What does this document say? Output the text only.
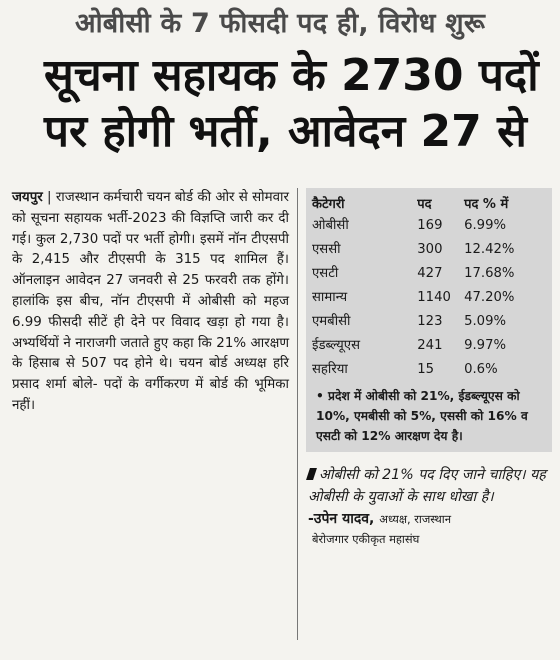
ओबीसी के 7 फीसदी पद ही, विरोध शुरू
सूचना सहायक के 2730 पदों
पर होगी भर्ती, आवेदन 27 से

जयपुर | राजस्थान कर्मचारी चयन बोर्ड की ओर से सोमवार को सूचना सहायक भर्ती-2023 की विज्ञप्ति जारी कर दी गई। कुल 2,730 पदों पर भर्ती होगी। इसमें नॉन टीएसपी के 2,415 और टीएसपी के 315 पद शामिल हैं। ऑनलाइन आवेदन 27 जनवरी से 25 फरवरी तक होंगे। हालांकि इस बीच, नॉन टीएसपी में ओबीसी को महज 6.99 फीसदी सीटें ही देने पर विवाद खड़ा हो गया है। अभ्यर्थियों ने नाराजगी जताते हुए कहा कि 21% आरक्षण के हिसाब से 507 पद होने थे। चयन बोर्ड अध्यक्ष हरि प्रसाद शर्मा बोले- पदों के वर्गीकरण में बोर्ड की भूमिका नहीं।

कैटेगरी	पद	पद % में
ओबीसी	169	6.99%
एससी	300	12.42%
एसटी	427	17.68%
सामान्य	1140	47.20%
एमबीसी	123	5.09%
ईडब्ल्यूएस	241	9.97%
सहरिया	15	0.6%
• प्रदेश में ओबीसी को 21%, ईडब्ल्यूएस को 10%, एमबीसी को 5%, एससी को 16% व एसटी को 12% आरक्षण देय है।
ओबीसी को 21% पद दिए जाने चाहिए। यह ओबीसी के युवाओं के साथ धोखा है।
-उपेन यादव, अध्यक्ष, राजस्थान
बेरोजगार एकीकृत महासंघ
